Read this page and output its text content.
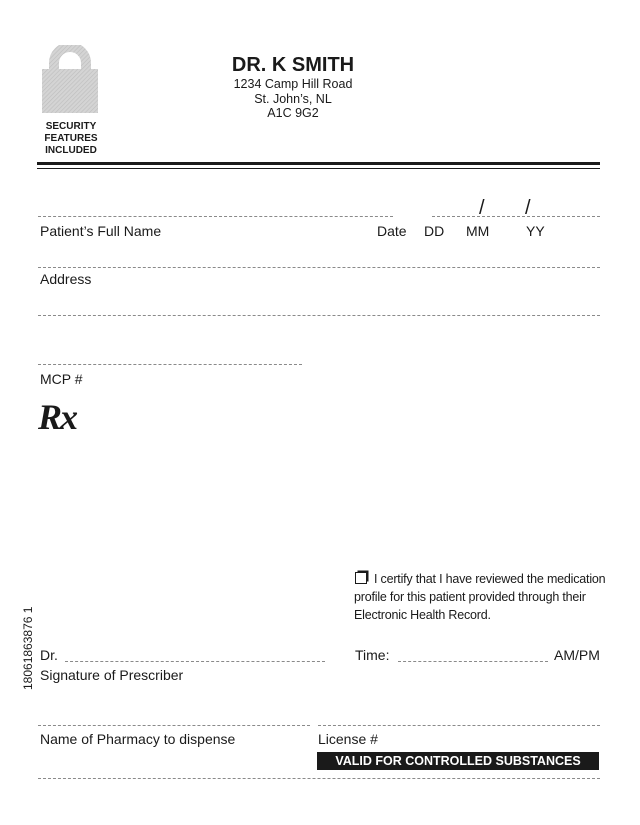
SECURITY
FEATURES
INCLUDED
DR. K SMITH
1234 Camp Hill Road
St. John’s, NL
A1C 9G2
/ /
Patient’s Full Name	Date DD MM	YY
Address
MCP #
Rx
I certify that I have reviewed the medication
profile for this patient provided through their
Electronic Health Record.
18061863876 1 Dr.
Signature of Prescriber
Time:	AM/PM
Name of Pharmacy to dispense	License #
VALID FOR CONTROLLED SUBSTANCES
